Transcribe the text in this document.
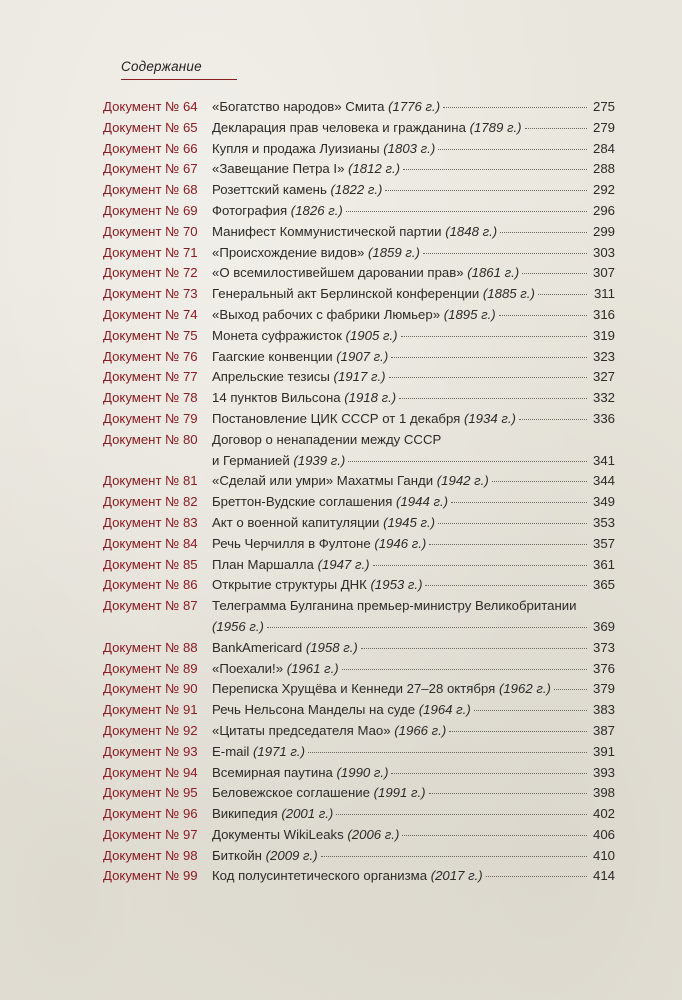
Содержание
Документ № 64 «Богатство народов» Смита (1776 г.)	275
Документ № 65 Декларация прав человека и гражданина (1789 г.)	279
Документ № 66 Купля и продажа Луизианы (1803 г.)	284
Документ № 67 «Завещание Петра I» (1812 г.)	288
Документ № 68 Розеттский камень (1822 г.)	292
Документ № 69 Фотография (1826 г.)	296
Документ № 70 Манифест Коммунистической партии (1848 г.)	299
Документ № 71 «Происхождение видов» (1859 г.)	303
Документ № 72 «О всемилостивейшем даровании прав» (1861 г.)	307
Документ № 73 Генеральный акт Берлинской конференции (1885 г.)	311
Документ № 74 «Выход рабочих с фабрики Люмьер» (1895 г.)	316
Документ № 75 Монета суфражисток (1905 г.)	319
Документ № 76 Гаагские конвенции (1907 г.)	323
Документ № 77 Апрельские тезисы (1917 г.)	327
Документ № 78 14 пунктов Вильсона (1918 г.)	332
Документ № 79 Постановление ЦИК СССР от 1 декабря (1934 г.)	336
Документ № 80 Договор о ненападении между СССР
и Германией (1939 г.)	341
Документ № 81 «Сделай или умри» Махатмы Ганди (1942 г.)	344
Документ № 82 Бреттон-Вудские соглашения (1944 г.)	349
Документ № 83 Акт о военной капитуляции (1945 г.)	353
Документ № 84 Речь Черчилля в Фултоне (1946 г.)	357
Документ № 85 План Маршалла (1947 г.)	361
Документ № 86 Открытие структуры ДНК (1953 г.)	365
Документ № 87 Телеграмма Булганина премьер-министру Великобритании
(1956 г.)	369
Документ № 88 BankAmericard (1958 г.)	373
Документ № 89 «Поехали!» (1961 г.)	376
Документ № 90 Переписка Хрущёва и Кеннеди 27–28 октября (1962 г.)	379
Документ № 91 Речь Нельсона Манделы на суде (1964 г.)	383
Документ № 92 «Цитаты председателя Мао» (1966 г.)	387
Документ № 93 E-mail (1971 г.)	391
Документ № 94 Всемирная паутина (1990 г.)	393
Документ № 95 Беловежское соглашение (1991 г.)	398
Документ № 96 Википедия (2001 г.)	402
Документ № 97 Документы WikiLeaks (2006 г.)	406
Документ № 98 Биткойн (2009 г.)	410
Документ № 99 Код полусинтетического организма (2017 г.)	414
